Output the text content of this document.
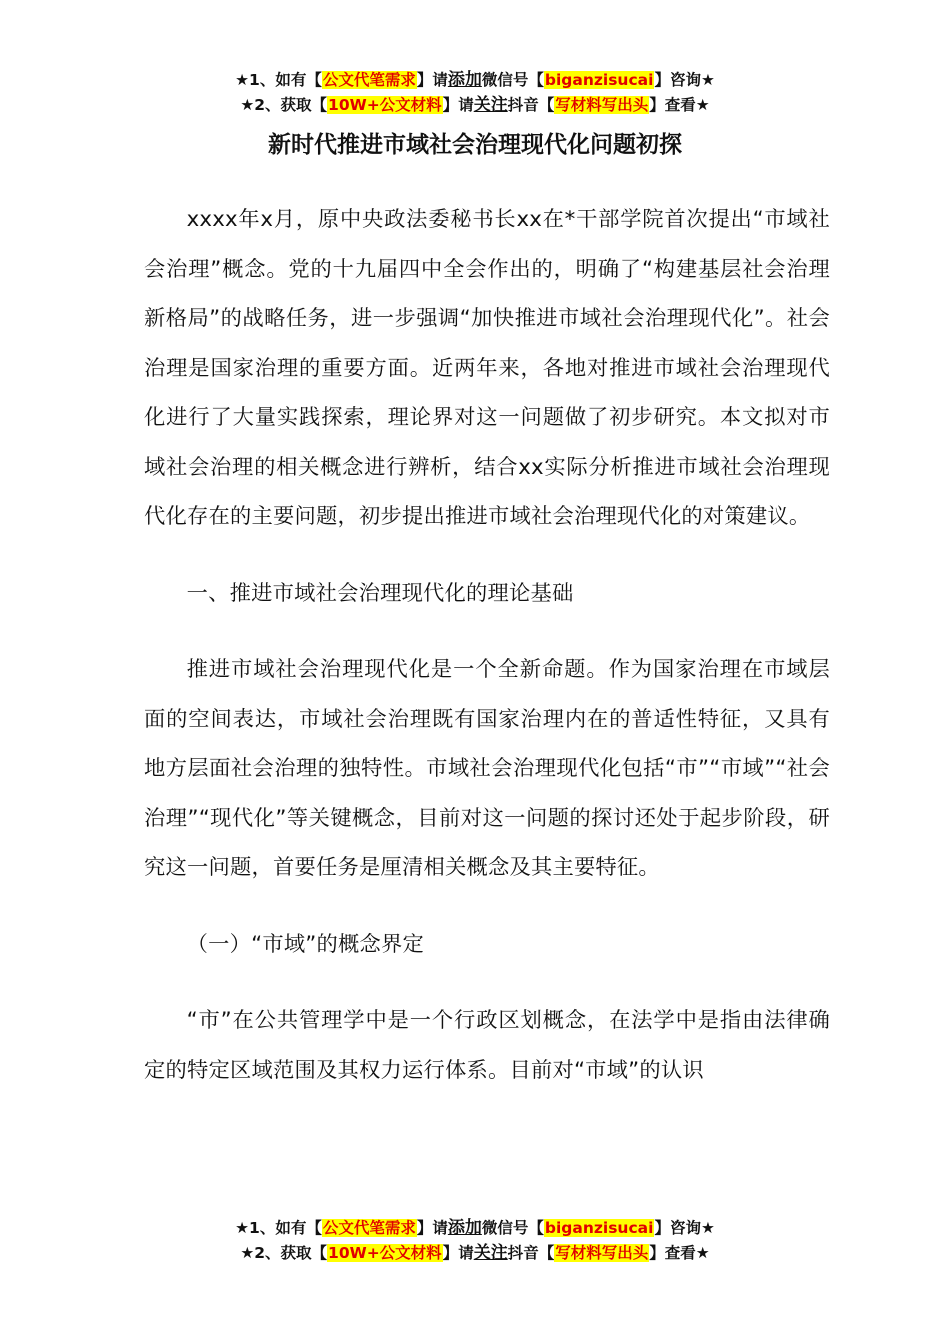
★1、如有【公文代笔需求】请添加微信号【biganzisucai】咨询★
★2、获取【10W+公文材料】请关注抖音【写材料写出头】查看★
新时代推进市域社会治理现代化问题初探

xxxx年x月，原中央政法委秘书长xx在*干部学院首次提出“市域社会治理”概念。党的十九届四中全会作出的，明确了“构建基层社会治理新格局”的战略任务，进一步强调“加快推进市域社会治理现代化”。社会治理是国家治理的重要方面。近两年来，各地对推进市域社会治理现代化进行了大量实践探索，理论界对这一问题做了初步研究。本文拟对市域社会治理的相关概念进行辨析，结合xx实际分析推进市域社会治理现代化存在的主要问题，初步提出推进市域社会治理现代化的对策建议。

一、推进市域社会治理现代化的理论基础

推进市域社会治理现代化是一个全新命题。作为国家治理在市域层面的空间表达，市域社会治理既有国家治理内在的普适性特征，又具有地方层面社会治理的独特性。市域社会治理现代化包括“市”“市域”“社会治理”“现代化”等关键概念，目前对这一问题的探讨还处于起步阶段，研究这一问题，首要任务是厘清相关概念及其主要特征。

（一）“市域”的概念界定

“市”在公共管理学中是一个行政区划概念，在法学中是指由法律确定的特定区域范围及其权力运行体系。目前对“市域”的认识

★1、如有【公文代笔需求】请添加微信号【biganzisucai】咨询★
★2、获取【10W+公文材料】请关注抖音【写材料写出头】查看★
